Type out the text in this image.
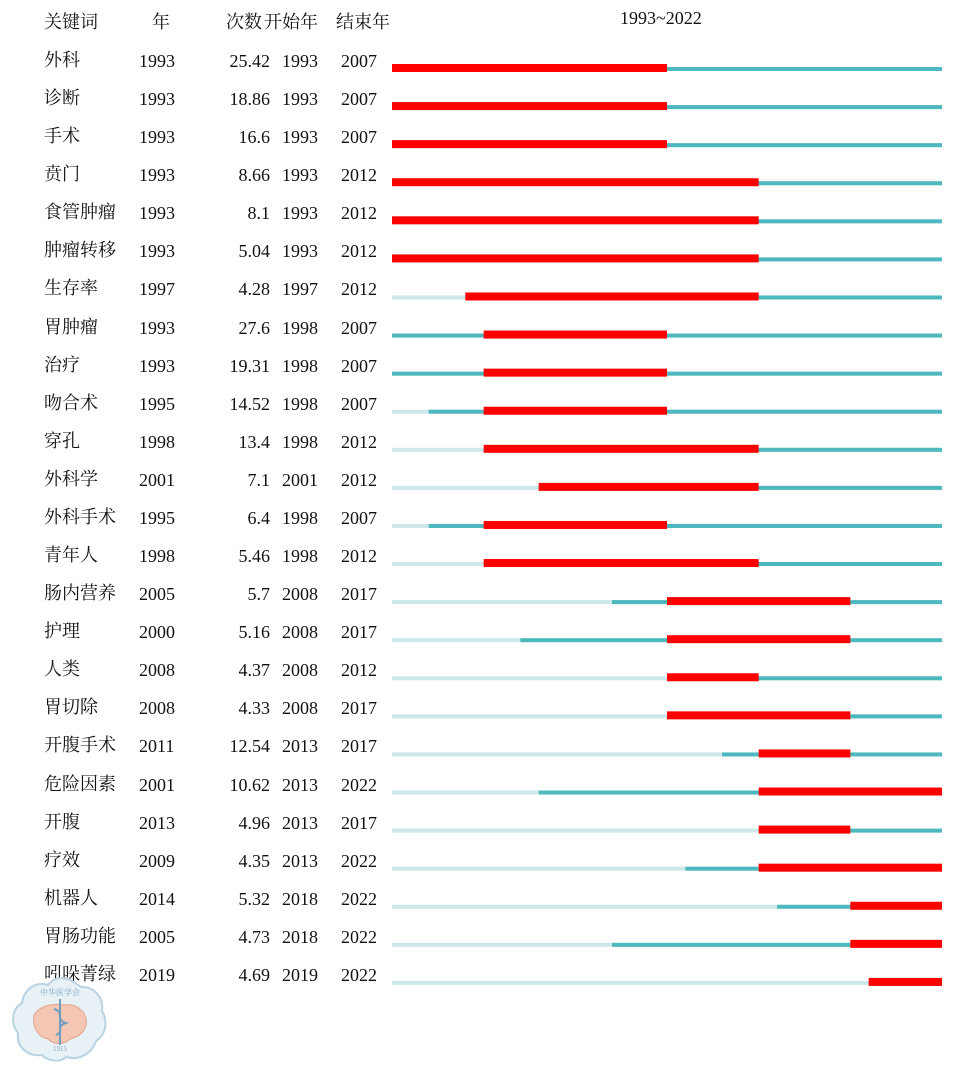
关键词	年	次数 开始年 结束年	1993~2022
外科	1993	25.42 1993 2007
诊断	1993	18.86 1993 2007
手术	1993	16.6 1993 2007
贲门	1993	8.66 1993 2012
食管肿瘤 1993	8.1 1993 2012
肿瘤转移 1993	5.04 1993 2012
生存率 1997	4.28 1997 2012
胃肿瘤 1993	27.6 1998 2007
治疗	1993	19.31 1998 2007
吻合术 1995	14.52 1998 2007
穿孔	1998	13.4 1998 2012
外科学 2001	7.1 2001 2012
外科手术 1995	6.4 1998 2007
青年人 1998	5.46 1998 2012
肠内营养 2005	5.7 2008 2017
护理	2000	5.16 2008 2017
人类	2008	4.37 2008 2012
胃切除 2008	4.33 2008 2017
开腹手术 2011	12.54 2013 2017
危险因素 2001	10.62 2013 2022
开腹	2013	4.96 2013 2017
疗效	2009	4.35 2013 2022
机器人 2014	5.32 2018 2022
胃肠功能 2005	4.73 2018 2022
吲哚菁绿 2019	4.69 2019 2022
1915
中华医学会
